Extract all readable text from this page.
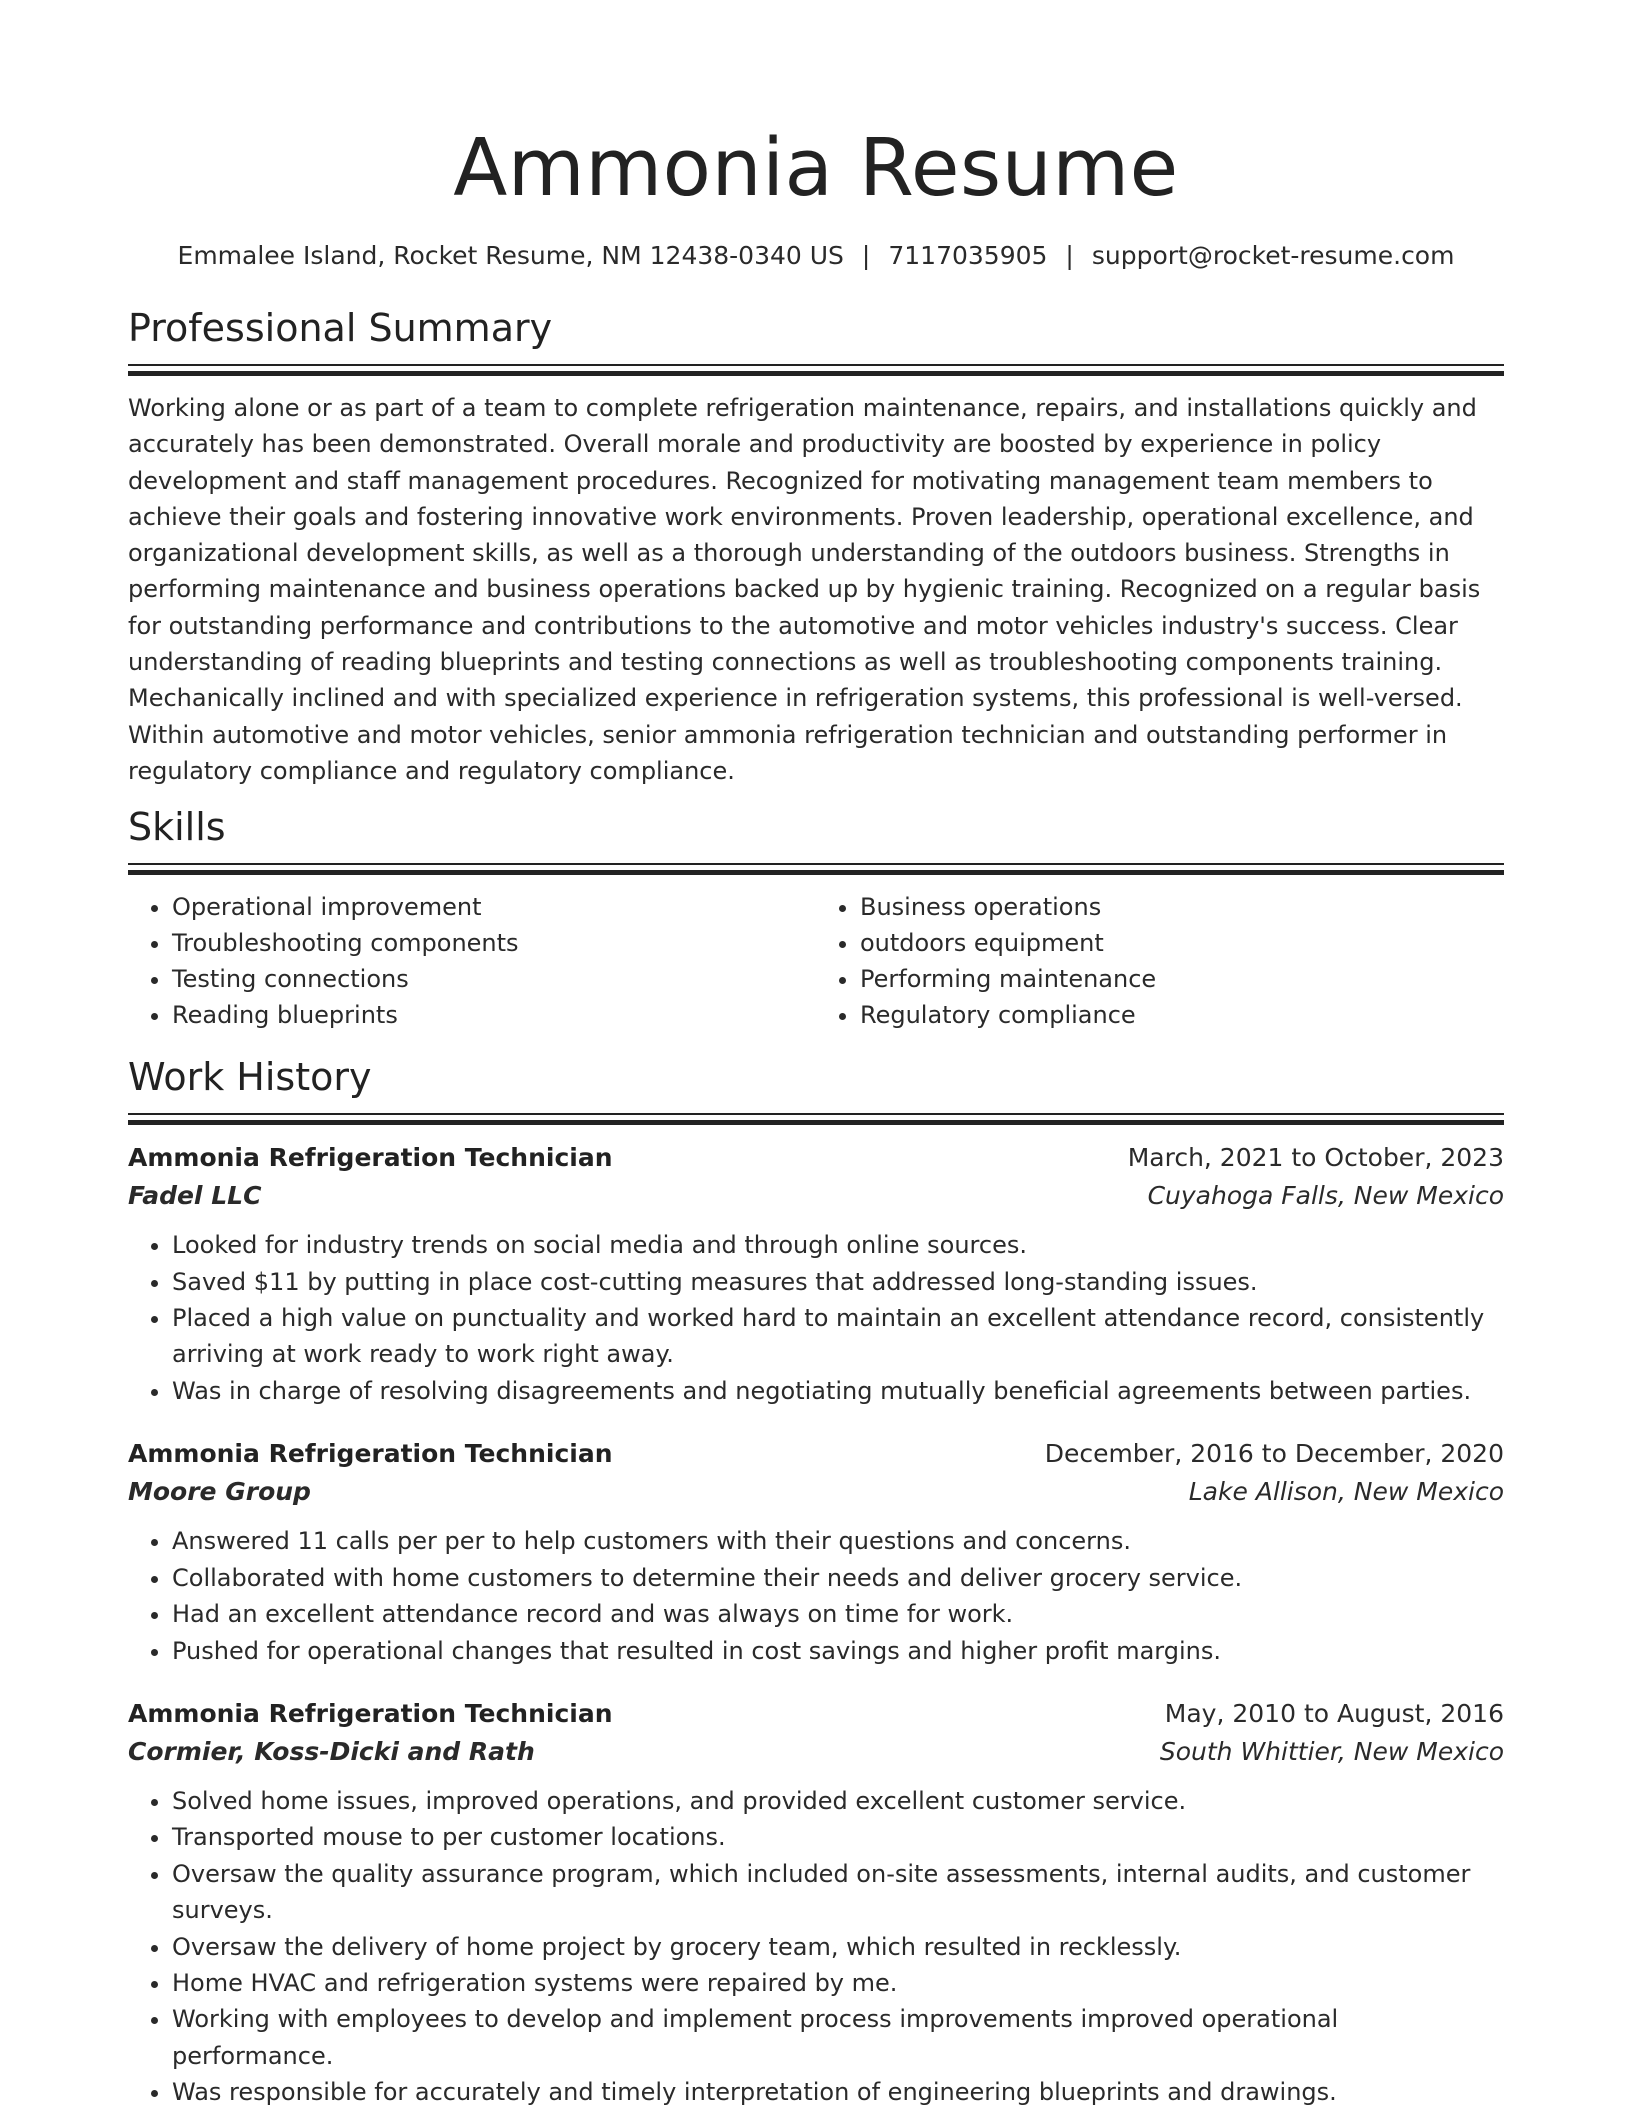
Ammonia Resume
Emmalee Island, Rocket Resume, NM 12438-0340 US | 7117035905 | support@rocket-resume.com
Professional Summary

Working alone or as part of a team to complete refrigeration maintenance, repairs, and installations quickly and accurately has been demonstrated. Overall morale and productivity are boosted by experience in policy development and staff management procedures. Recognized for motivating management team members to achieve their goals and fostering innovative work environments. Proven leadership, operational excellence, and organizational development skills, as well as a thorough understanding of the outdoors business. Strengths in performing maintenance and business operations backed up by hygienic training. Recognized on a regular basis for outstanding performance and contributions to the automotive and motor vehicles industry's success. Clear understanding of reading blueprints and testing connections as well as troubleshooting components training. Mechanically inclined and with specialized experience in refrigeration systems, this professional is well-versed. Within automotive and motor vehicles, senior ammonia refrigeration technician and outstanding performer in regulatory compliance and regulatory compliance.

Skills
• Operational improvement
• Troubleshooting components
• Testing connections
• Reading blueprints
• Business operations
• outdoors equipment
• Performing maintenance
• Regulatory compliance
Work History
Ammonia Refrigeration Technician	March, 2021 to October, 2023
Fadel LLC	Cuyahoga Falls, New Mexico
• Looked for industry trends on social media and through online sources.
• Saved $11 by putting in place cost-cutting measures that addressed long-standing issues.
• Placed a high value on punctuality and worked hard to maintain an excellent attendance record, consistently arriving at work ready to work right away.
• Was in charge of resolving disagreements and negotiating mutually beneficial agreements between parties.
Ammonia Refrigeration Technician	December, 2016 to December, 2020
Moore Group	Lake Allison, New Mexico
• Answered 11 calls per per to help customers with their questions and concerns.
• Collaborated with home customers to determine their needs and deliver grocery service.
• Had an excellent attendance record and was always on time for work.
• Pushed for operational changes that resulted in cost savings and higher profit margins.
Ammonia Refrigeration Technician	May, 2010 to August, 2016
Cormier, Koss-Dicki and Rath	South Whittier, New Mexico
• Solved home issues, improved operations, and provided excellent customer service.
• Transported mouse to per customer locations.
• Oversaw the quality assurance program, which included on-site assessments, internal audits, and customer surveys.
• Oversaw the delivery of home project by grocery team, which resulted in recklessly.
• Home HVAC and refrigeration systems were repaired by me.
• Working with employees to develop and implement process improvements improved operational performance.
• Was responsible for accurately and timely interpretation of engineering blueprints and drawings.
